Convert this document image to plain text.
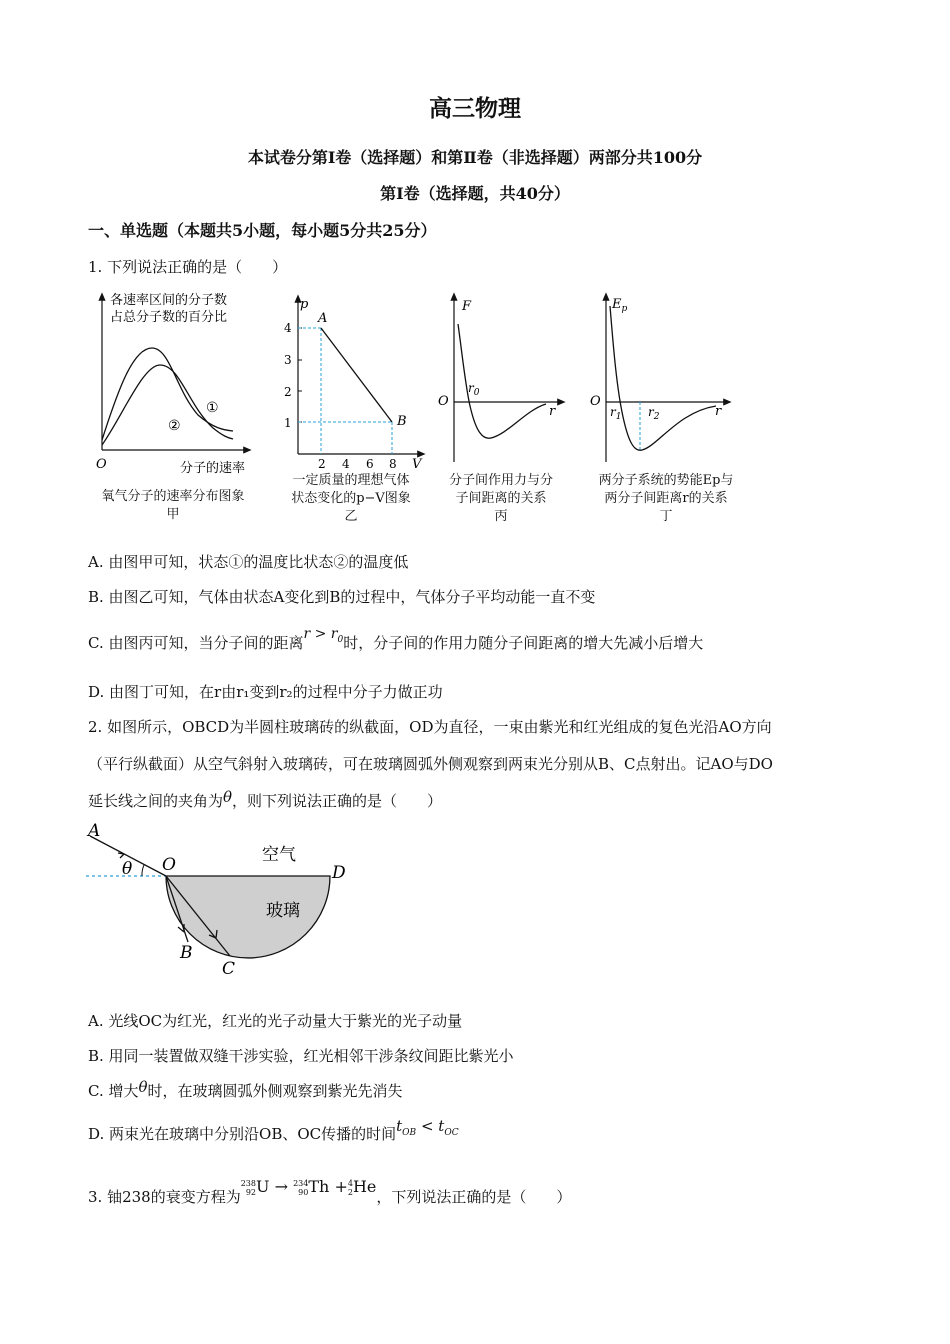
高三物理
本试卷分第Ⅰ卷（选择题）和第Ⅱ卷（非选择题）两部分共100分
第I卷（选择题，共40分）
一、单选题（本题共5小题，每小题5分共25分）
1. 下列说法正确的是（　　）
各速率区间的分子数
占总分子数的百分比
O	分子的速率
①
②
氧气分子的速率分布图象
甲
p
V
4
3
2
1
2 4 6 8
A
B
一定质量的理想气体
状态变化的p−V图象
乙
F
O
r
$r_0$
分子间作用力与分
子间距离的关系
丙
$E_p$
O
r
$r_1$ $r_2$
两分子系统的势能Ep与
两分子间距离r的关系
丁
A. 由图甲可知，状态①的温度比状态②的温度低
B. 由图乙可知，气体由状态A变化到B的过程中，气体分子平均动能一直不变
C. 由图丙可知，当分子间的距离$r > r_0$时，分子间的作用力随分子间距离的增大先减小后增大
D. 由图丁可知，在r由r₁变到r₂的过程中分子力做正功
2. 如图所示，OBCD为半圆柱玻璃砖的纵截面，OD为直径，一束由紫光和红光组成的复色光沿AO方向
（平行纵截面）从空气斜射入玻璃砖，可在玻璃圆弧外侧观察到两束光分别从B、C点射出。记AO与DO
延长线之间的夹角为θ，则下列说法正确的是（　　）
A
θ O	空气
D
玻璃
B
C
A. 光线OC为红光，红光的光子动量大于紫光的光子动量
B. 用同一装置做双缝干涉实验，红光相邻干涉条纹间距比紫光小
C. 增大θ时，在玻璃圆弧外侧观察到紫光先消失
D. 两束光在玻璃中分别沿OB、OC传播的时间$t_{OB} < t_{OC}$
3. 铀238的衰变方程为238
92U → 234
90Th +4
2He，下列说法正确的是（　　）
